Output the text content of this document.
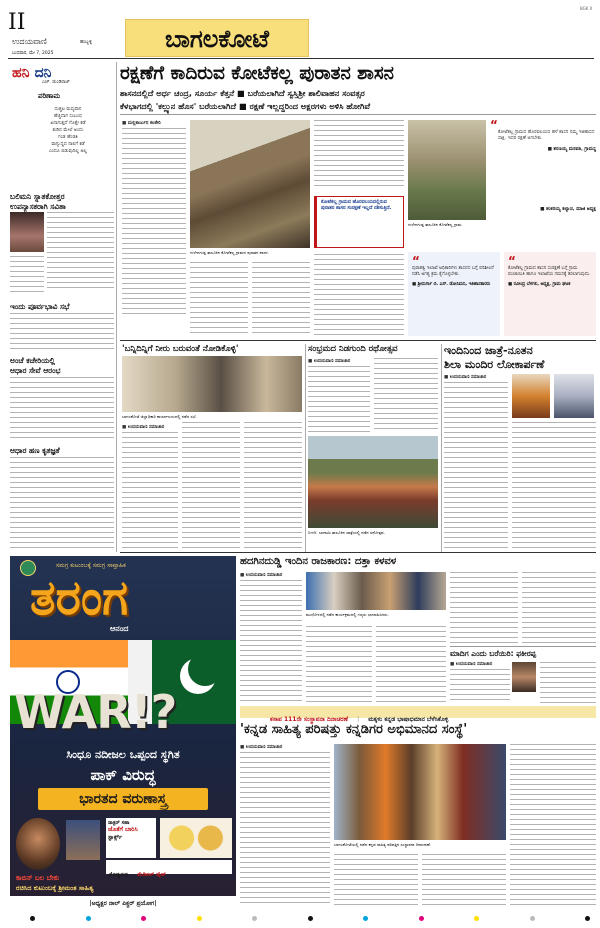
II
ಉದಯವಾಣಿ	ಹುಬ್ಬಳ್ಳಿ
ಬುಧವಾರ, ಮೇ 7, 2025
ಬಾಗಲಕೋಟೆ
BGK II
ಹನಿ ದನಿ
ಎಚ್. ಡುಂಡಿರಾಜ್
ಪರಿಣಾಮ
ದುಶ್ಚಟ ಮದ್ಯಪಾನ
ಹೆಚ್ಚಿದಾಗ ಸಂಬಂಧ
ಏನಾಗುತ್ತದೆ ಗೊತ್ತೇ ಕಡೆ
ಕುಡಿದ ಮೇಲೆ ಅಂದು
ಗಂಡ ಹೆಂಡತಿ
ವಾಗ್ಯುದ್ಧದ ನಾಲಿಗೆ ಕಡೆ
ಎಂದೂ ಬಿಡುವುದಿಲ್ಲ ಅಲ್ಲ
ಬಲಿಮನಿ ಸ್ನಾತಕೋತ್ತರ
ಉಪನ್ಯಾಸಕರಾಗಿ ಸವಿತಾ
ಇಂದು ಪೂರ್ವಭಾವಿ ಸಭೆ
ಅಂಚೆ ಕಚೇರಿಯಲ್ಲಿ
ಆಧಾರ ಸೇವೆ ಆರಂಭ
ಆಧಾರ ಹಣ ಕೃತಜ್ಞತೆ
ರಕ್ಷಣೆಗೆ ಕಾದಿರುವ ಕೋಟೆಕಲ್ಲ ಪುರಾತನ ಶಾಸನ
ಶಾಸನದಲ್ಲಿದೆ ಅರ್ಧ ಚಂದ್ರ, ಸೂರ್ಯ ಕೆತ್ತನೆ ■ ಬರೆಯಲಾಗಿದೆ ಸ್ವಸ್ತಿಶ್ರೀ ಶಾಲಿವಾಹನ ಸಂವತ್ಸರ
ಕೆಳಭಾಗದಲ್ಲಿ 'ಕಲ್ಲ್ಯುನ ಹೊಸ' ಬರೆಯಲಾಗಿದೆ ■ ರಕ್ಷಣೆ ಇಲ್ಲದ್ದರಿಂದ ಅಕ್ಷರಗಳು ಅಳಿಸಿ ಹೋಗಿವೆ
■ ಮಲ್ಲಿಕಾರ್ಜುನ ಕಲಕೇರಿ
ಗುಳೇದಗುಡ್ಡ ತಾಲೂಕಿನ ಕೋಟೆಕಲ್ಲ ಗ್ರಾಮದ ಪುರಾತನ ಶಾಸನ.
ಕೋಟೆಕಲ್ಲ ಗ್ರಾಮದ ಹೊರವಲಯದಲ್ಲಿರುವ ಪುರಾತನ ಶಾಸನ ಸಂರಕ್ಷಣೆ ಇಲ್ಲದೆ ನಶಿಸುತ್ತಿದೆ.
ಗುಳೇದಗುಡ್ಡ ತಾಲೂಕಿನ ಕೋಟೆಕಲ್ಲ ಗ್ರಾಮ.
“
ಕೋಟೆಕಲ್ಲ ಗ್ರಾಮದ ಹೊರವಲಯದ ಹಳೆ ಶಾಸನ ನಮ್ಮ ಇತಿಹಾಸದ ಸಾಕ್ಷಿ. ಇದರ ರಕ್ಷಣೆ ಆಗಬೇಕು.
■ ಶರಣಯ್ಯ ಮಠಪತಿ, ಗ್ರಾಮಸ್ಥ
■ ಶಂಕರಯ್ಯ ಕಲ್ಯಾಣಿ, ಮಾಜಿ ಅಧ್ಯಕ್ಷ
“
ಪುರಾತತ್ವ ಇಲಾಖೆ ಅಧಿಕಾರಿಗಳು ಶಾಸನದ ಬಗ್ಗೆ ಪರಿಶೀಲನೆ ನಡೆಸಿ ಅಗತ್ಯ ಕ್ರಮ ಕೈಗೊಳ್ಳಬೇಕು.
■ ಶ್ರೀದುರ್ಗಾ ಬಿ. ಎಸ್. ಡೋಸಿಮನಿ, ಇತಿಹಾಸಕಾರರು
“
ಕೋಟೆಕಲ್ಲ ಗ್ರಾಮದ ಶಾಸನ ಸಂರಕ್ಷಣೆ ಬಗ್ಗೆ ಗ್ರಾಮ ಪಂಚಾಯಿತಿ ಹಾಗೂ ಇಲಾಖೆಯ ಗಮನಕ್ಕೆ ತರಲಾಗುವುದು.
■ ರವೀಂದ್ರ ಬೆಳಗಲಿ, ಅಧ್ಯಕ್ಷ, ಗ್ರಾಮ ಘಟಕ
'ಬನ್ನಿದಿನ್ನಿಗೆ ನೀರು ಬರುವಂತೆ ನೋಡಿಕೊಳ್ಳಿ'
ಬಾಗಲಕೋಟೆ ಜಿಲ್ಲಾಧಿಕಾರಿ ಕಾರ್ಯಾಲಯದಲ್ಲಿ ನಡೆದ ಸಭೆ.
■ ಉದಯವಾಣಿ ಸಮಾಚಾರ
ಸಂಭ್ರಮದ ನಿಡಗುಂದಿ ರಥೋತ್ಸವ
■ ಉದಯವಾಣಿ ಸಮಾಚಾರ
ಬೀಳಗಿ: ಬಾದಾಮಿ ತಾಲೂಕಿನ ಜಾತ್ರೆಯಲ್ಲಿ ನಡೆದ ರಥೋತ್ಸವ.
ಇಂದಿನಿಂದ ಜಾತ್ರೆ-ನೂತನ
ಶಿಲಾ ಮಂದಿರ ಲೋಕಾರ್ಪಣೆ
■ ಉದಯವಾಣಿ ಸಮಾಚಾರ
ಸಮಗ್ರ ಕುಟುಂಬಕ್ಕೆ ಸಮಗ್ರ ಸಾಪ್ತಾಹಿಕ
ತರಂಗ
ಆನಂದ
WAR!?
ಸಿಂಧೂ ನದೀಜಲ ಒಪ್ಪಂದ ಸ್ಥಗಿತ
ಪಾಕ್ ವಿರುದ್ಧ
ಭಾರತದ ವರುಣಾಸ್ತ್ರ
ಡಾಕ್ಟರ್ ಸಹಾ
ಜೊತೆಗೆ ಬಾರಿಸಿ
ಸ್ಪಾರ್ಕ್ಸ್
ಸೊಪ್ಪುಗಳು ಮೆಡಿಕಲ್ ಡೈಟ್
ಕಾಬಿನ್ ಬಲ ಬೇಕು
ರಚಿಸಿದ ಕುಟುಂಬಕ್ಕೆ ಶ್ರೀಮಂತ ಸಾಹಿತ್ಯ
|ಅಧ್ಯಕ್ಷರ ನಾಲ್ ಪಿಕ್ಚರ್ ಪ್ರಯೋಗ|
ಹದಗಿನದುಡ್ಡಿ ಇಂದಿನ ರಾಜಕಾರಣ: ದತ್ತಾ ಕಳವಳ
■ ಉದಯವಾಣಿ ಸಮಾಚಾರ
ಮುಧೋಳದಲ್ಲಿ ನಡೆದ ಕಾರ್ಯಕ್ರಮದಲ್ಲಿ ಗಣ್ಯರು ಭಾಗವಹಿಸಿದರು.
ಮಾದಿಗ ಎಂದು ಬರೆಯಿರಿ: ಫಕೀರಪ್ಪ
■ ಉದಯವಾಣಿ ಸಮಾಚಾರ
ಕಸಾಪ 111ನೇ ಸಂಸ್ಥಾಪನಾ ದಿನಾಚರಣೆ | ಮಕ್ಕಳು ಕನ್ನಡ ಭಾಷಾಭಿಮಾನ ಬೆಳೆಸಿಕೊಳ್ಳಿ
'ಕನ್ನಡ ಸಾಹಿತ್ಯ ಪರಿಷತ್ತು ಕನ್ನಡಿಗರ ಅಭಿಮಾನದ ಸಂಸ್ಥೆ'
■ ಉದಯವಾಣಿ ಸಮಾಚಾರ
ಬಾಗಲಕೋಟೆಯಲ್ಲಿ ನಡೆದ ಕನ್ನಡ ಸಾಹಿತ್ಯ ಪರಿಷತ್ತಿನ ಸಂಸ್ಥಾಪನಾ ದಿನಾಚರಣೆ.
